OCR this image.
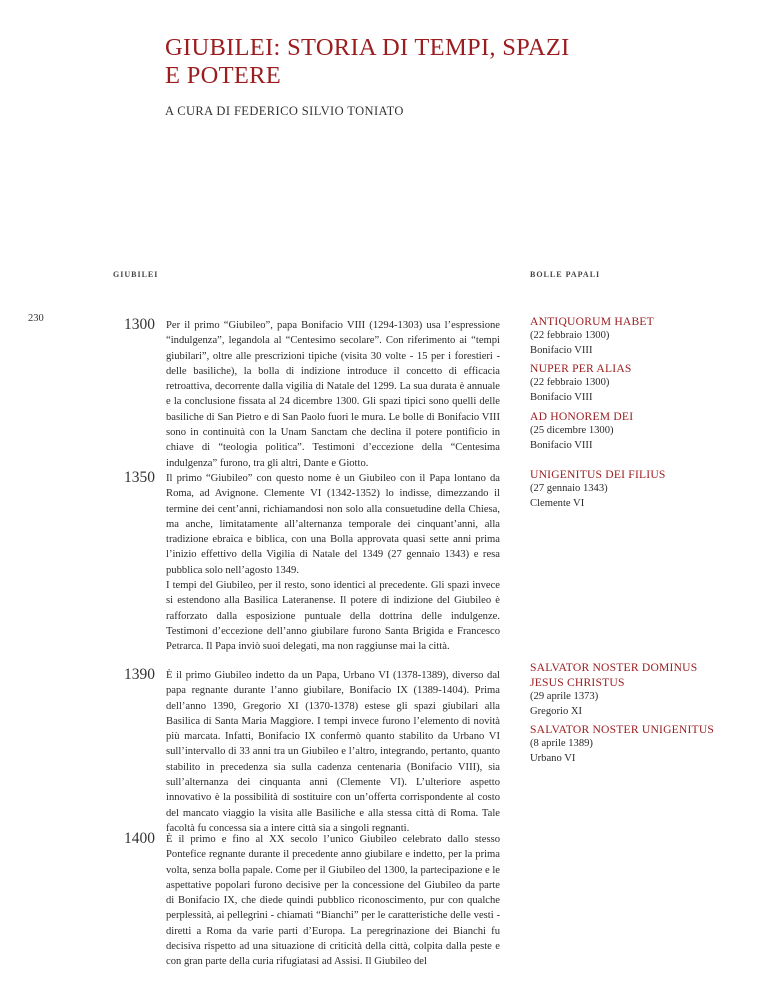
GIUBILEI: STORIA DI TEMPI, SPAZI E POTERE
A CURA DI FEDERICO SILVIO TONIATO
GIUBILEI	BOLLE PAPALI
230	1300 Per il primo “Giubileo”, papa Bonifacio VIII (1294-1303) usa l’espressione “indulgenza”, legandola al “Centesimo secolare”. Con riferimento ai “tempi giubilari”, oltre alle prescrizioni tipiche (visita 30 volte - 15 per i forestieri - delle basiliche), la bolla di indizione introduce il concetto di efficacia retroattiva, decorrente dalla vigilia di Natale del 1299. La sua durata è annuale e la conclusione fissata al 24 dicembre 1300. Gli spazi tipici sono quelli delle basiliche di San Pietro e di San Paolo fuori le mura. Le bolle di Bonifacio VIII sono in continuità con la Unam Sanctam che declina il potere pontificio in chiave di “teologia politica”. Testimoni d’eccezione della “Centesima indulgenza” furono, tra gli altri, Dante e Giotto.

1350 Il primo “Giubileo” con questo nome è un Giubileo con il Papa lontano da Roma, ad Avignone. Clemente VI (1342-1352) lo indisse, dimezzando il termine dei cent’anni, richiamandosi non solo alla consuetudine della Chiesa, ma anche, limitatamente all’alternanza temporale dei cinquant’anni, alla tradizione ebraica e biblica, con una Bolla approvata quasi sette anni prima l’inizio effettivo della Vigilia di Natale del 1349 (27 gennaio 1343) e resa pubblica solo nell’agosto 1349.

I tempi del Giubileo, per il resto, sono identici al precedente. Gli spazi invece si estendono alla Basilica Lateranense. Il potere di indizione del Giubileo è rafforzato dalla esposizione puntuale della dottrina delle indulgenze. Testimoni d’eccezione dell’anno giubilare furono Santa Brigida e Francesco Petrarca. Il Papa inviò suoi delegati, ma non raggiunse mai la città.

1390 È il primo Giubileo indetto da un Papa, Urbano VI (1378-1389), diverso dal papa regnante durante l’anno giubilare, Bonifacio IX (1389-1404). Prima dell’anno 1390, Gregorio XI (1370-1378) estese gli spazi giubilari alla Basilica di Santa Maria Maggiore. I tempi invece furono l’elemento di novità più marcata. Infatti, Bonifacio IX confermò quanto stabilito da Urbano VI sull’intervallo di 33 anni tra un Giubileo e l’altro, integrando, pertanto, quanto stabilito in precedenza sia sulla cadenza centenaria (Bonifacio VIII), sia sull’alternanza dei cinquanta anni (Clemente VI). L’ulteriore aspetto innovativo è la possibilità di sostituire con un’offerta corrispondente al costo del mancato viaggio la visita alle Basiliche e alla stessa città di Roma. Tale facoltà fu concessa sia a intere città sia a singoli regnanti.

1400 È il primo e fino al XX secolo l’unico Giubileo celebrato dallo stesso Pontefice regnante durante il precedente anno giubilare e indetto, per la prima volta, senza bolla papale. Come per il Giubileo del 1300, la partecipazione e le aspettative popolari furono decisive per la concessione del Giubileo da parte di Bonifacio IX, che diede quindi pubblico riconoscimento, pur con qualche perplessità, ai pellegrini - chiamati “Bianchi” per le caratteristiche delle vesti - diretti a Roma da varie parti d’Europa. La peregrinazione dei Bianchi fu decisiva rispetto ad una situazione di criticità della città, colpita dalla peste e con gran parte della curia rifugiatasi ad Assisi. Il Giubileo del

ANTIQUORUM HABET
(22 febbraio 1300)
Bonifacio VIII
NUPER PER ALIAS
(22 febbraio 1300)
Bonifacio VIII
AD HONOREM DEI
(25 dicembre 1300)
Bonifacio VIII
UNIGENITUS DEI FILIUS
(27 gennaio 1343)
Clemente VI
SALVATOR NOSTER DOMINUS JESUS CHRISTUS
(29 aprile 1373)
Gregorio XI
SALVATOR NOSTER UNIGENITUS
(8 aprile 1389)
Urbano VI
